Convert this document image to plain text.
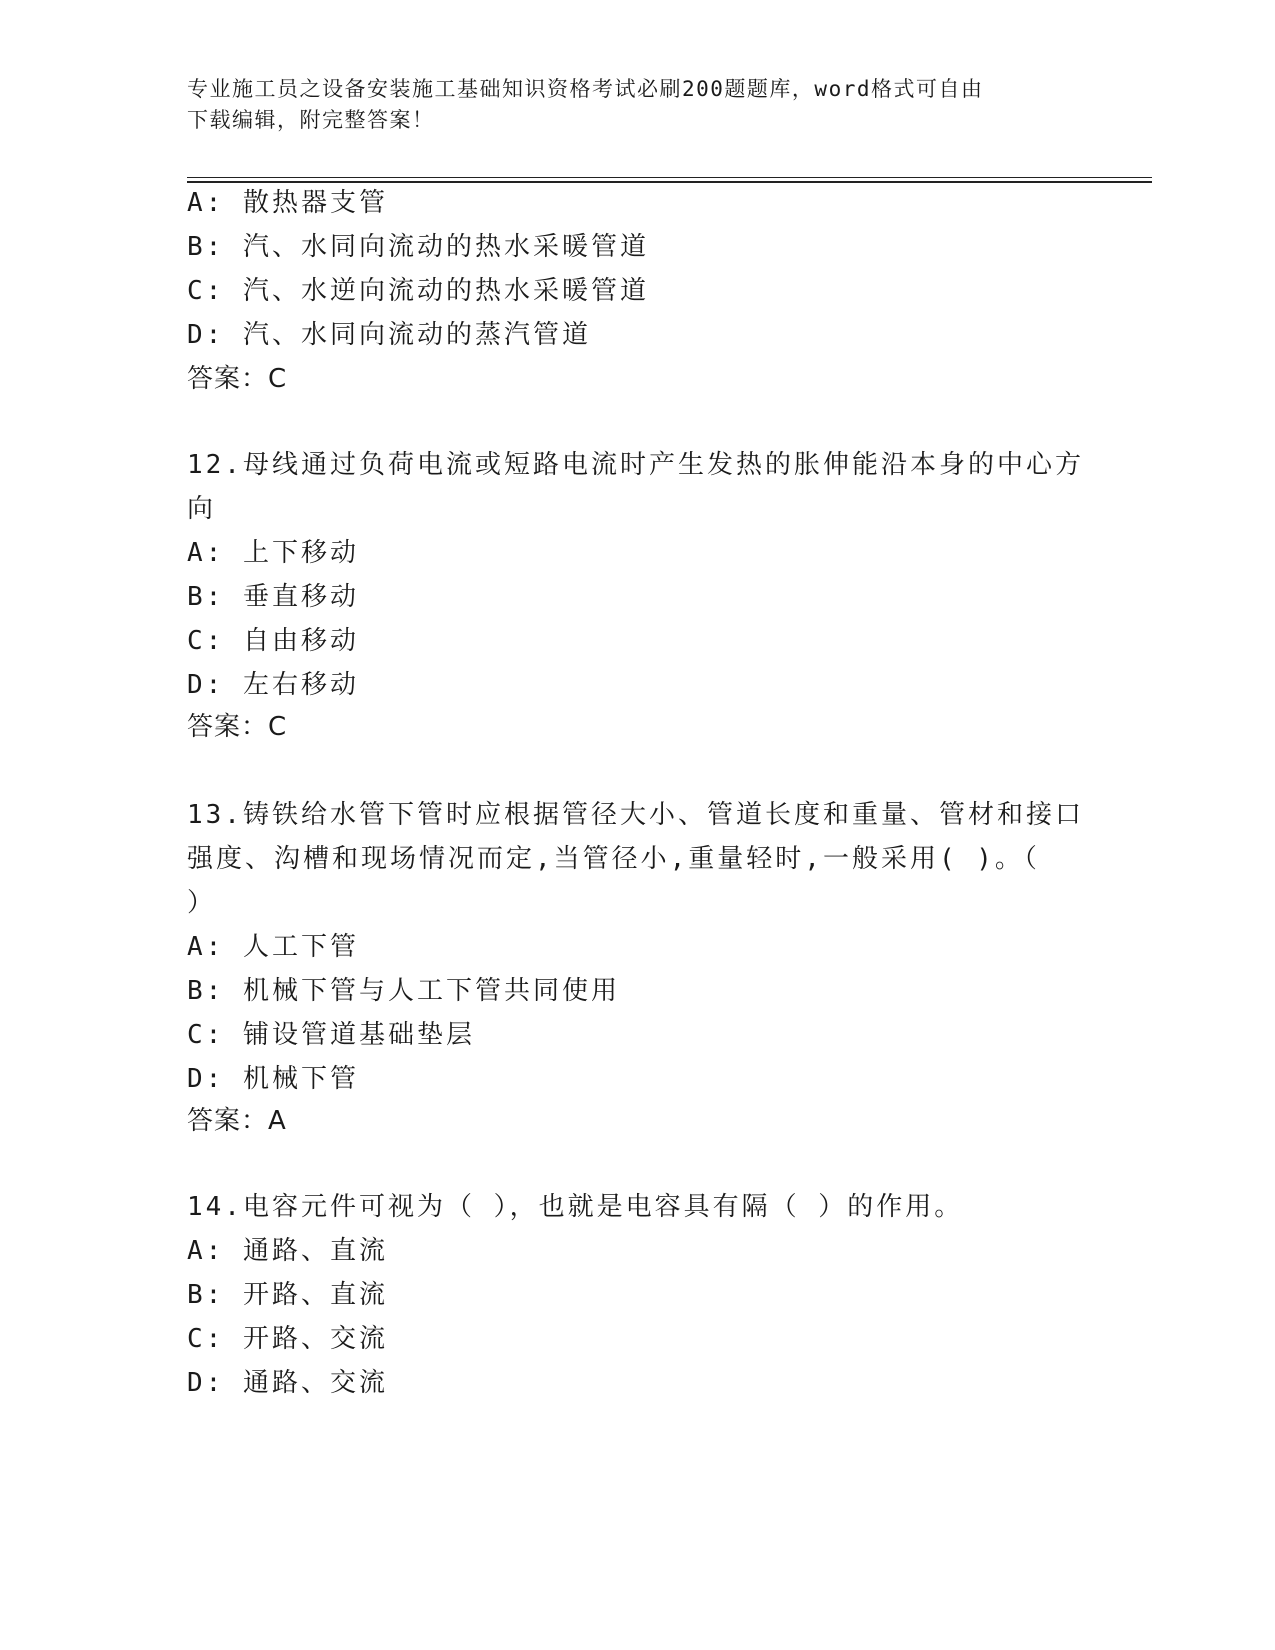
专业施工员之设备安装施工基础知识资格考试必刷200题题库，word格式可自由
下载编辑，附完整答案！
A: 散热器支管
B: 汽、水同向流动的热水采暖管道
C: 汽、水逆向流动的热水采暖管道
D: 汽、水同向流动的蒸汽管道
答案：C
12.母线通过负荷电流或短路电流时产生发热的胀伸能沿本身的中心方
向
A: 上下移动
B: 垂直移动
C: 自由移动
D: 左右移动
答案：C
13.铸铁给水管下管时应根据管径大小、管道长度和重量、管材和接口
强度、沟槽和现场情况而定,当管径小,重量轻时,一般采用( )。（
）
A: 人工下管
B: 机械下管与人工下管共同使用
C: 铺设管道基础垫层
D: 机械下管
答案：A
14.电容元件可视为（ ），也就是电容具有隔（ ）的作用。
A: 通路、直流
B: 开路、直流
C: 开路、交流
D: 通路、交流
